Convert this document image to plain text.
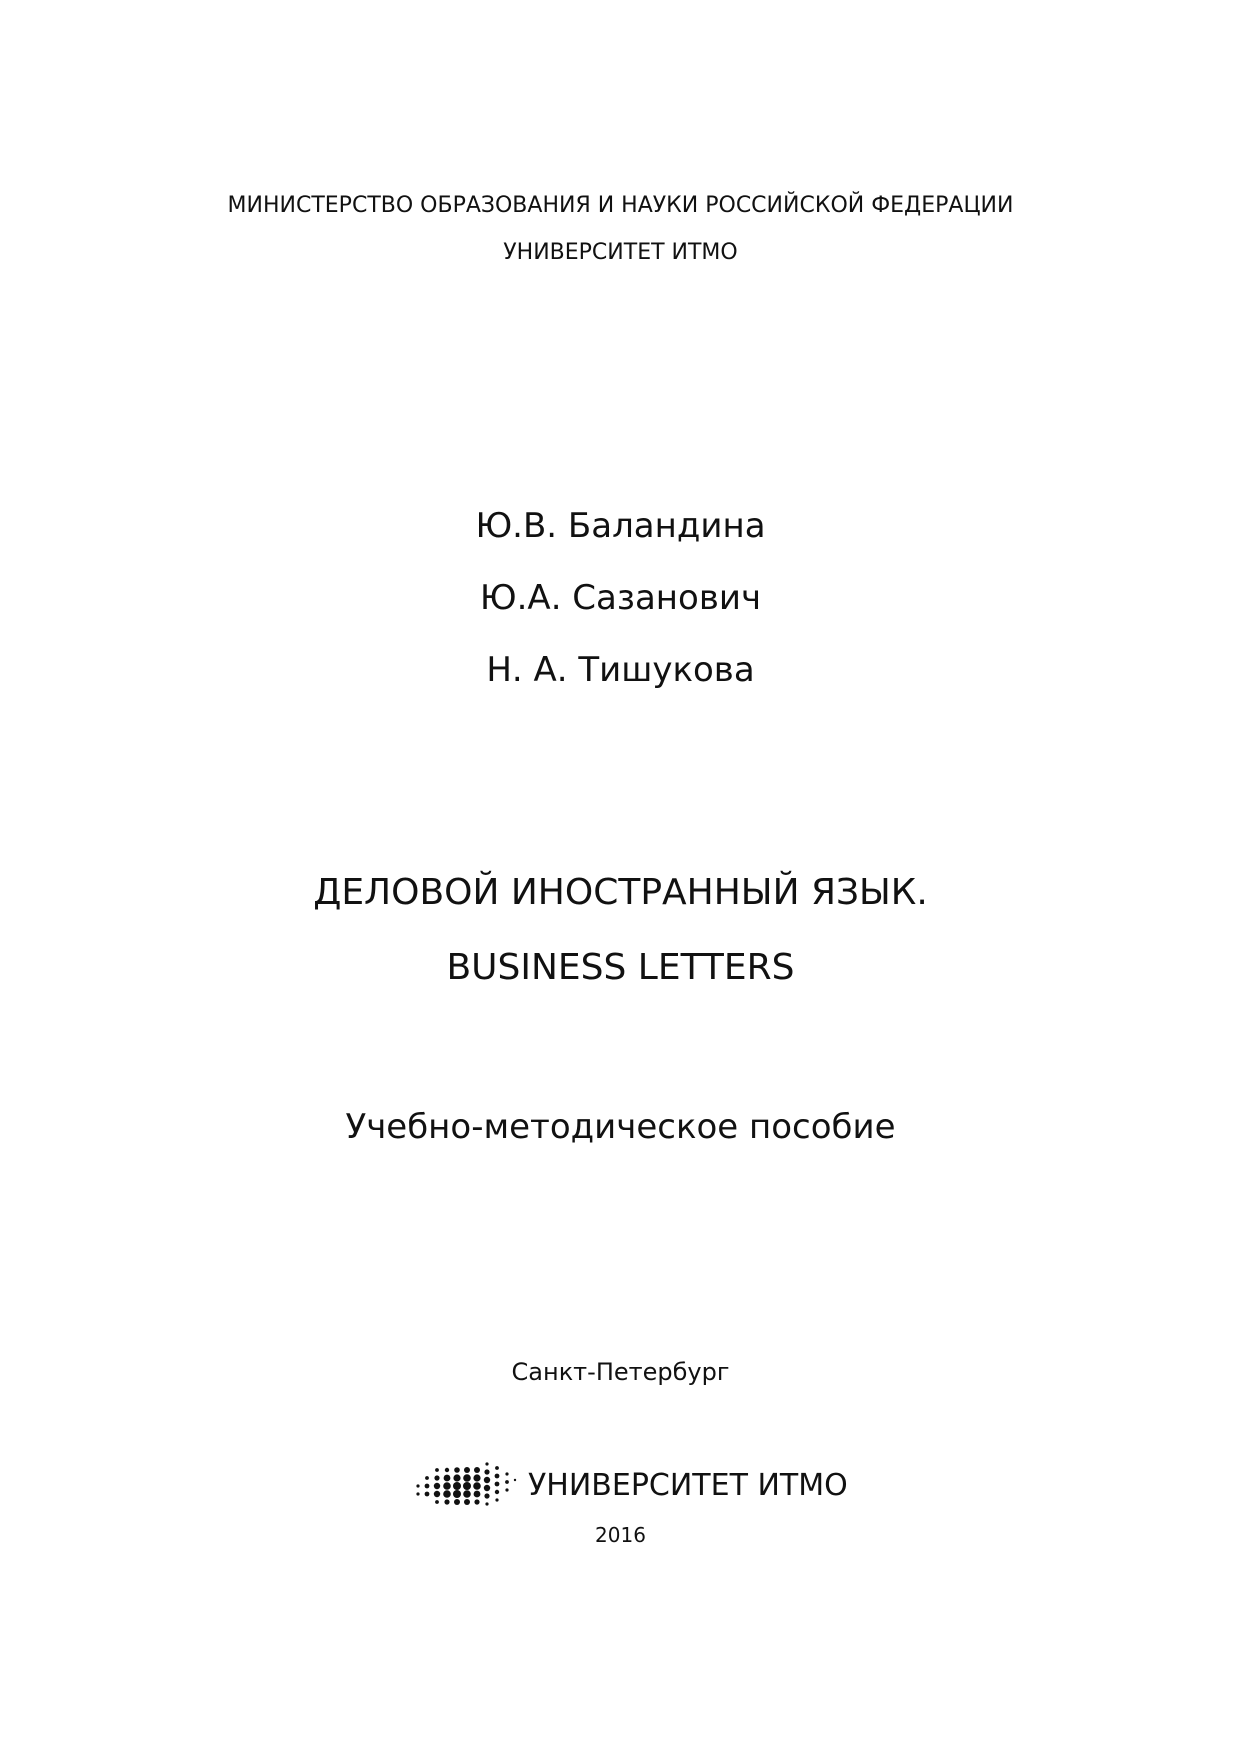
МИНИСТЕРСТВО ОБРАЗОВАНИЯ И НАУКИ РОССИЙСКОЙ ФЕДЕРАЦИИ
УНИВЕРСИТЕТ ИТМО
Ю.В. Баландина
Ю.А. Сазанович
Н. А. Тишукова
ДЕЛОВОЙ ИНОСТРАННЫЙ ЯЗЫК.
BUSINESS LETTERS
Учебно-методическое пособие
Санкт-Петербург
УНИВЕРСИТЕТ ИТМО
2016
